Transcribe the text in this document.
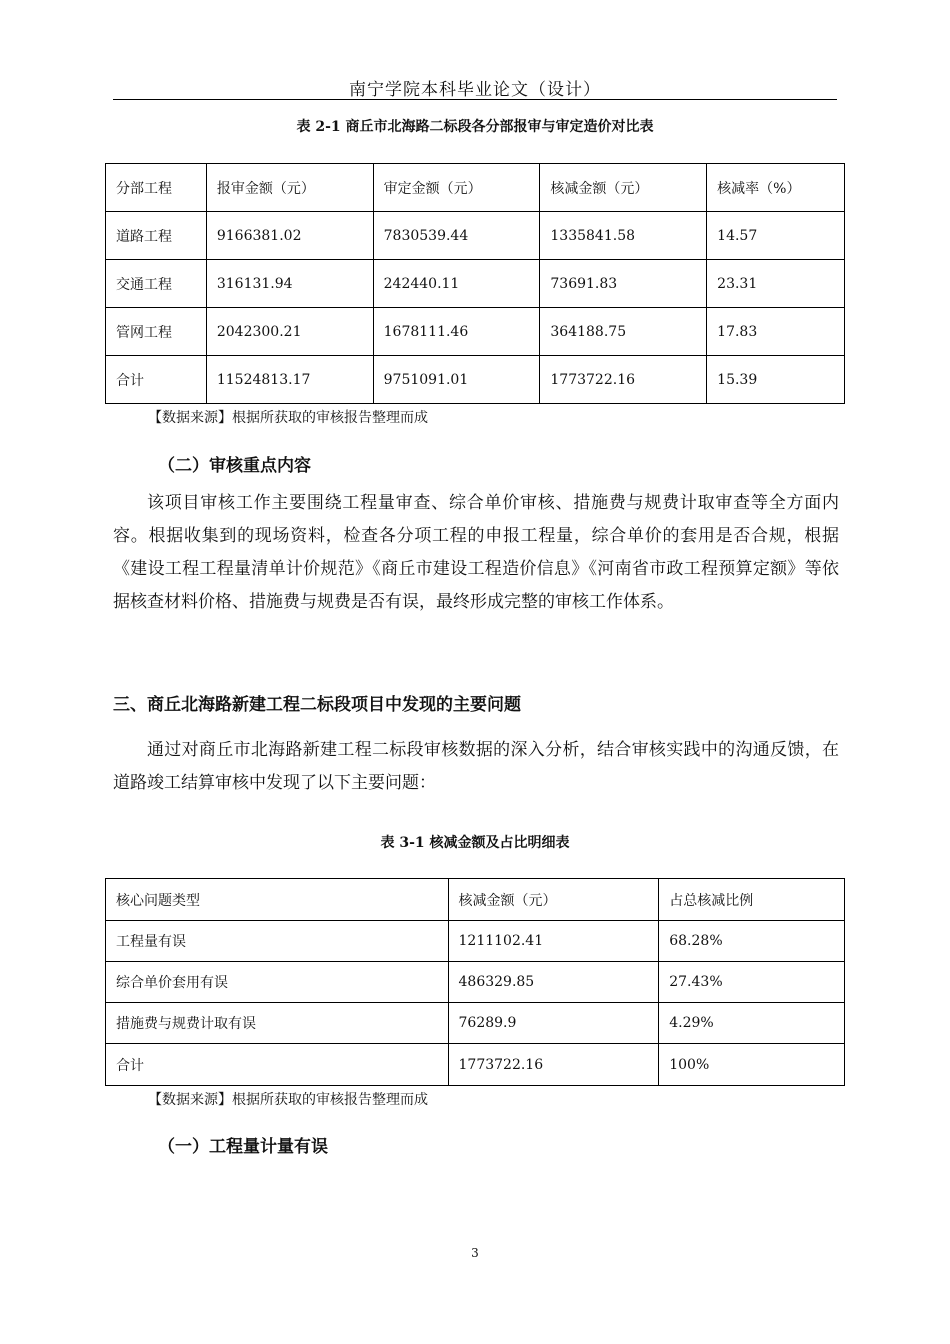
南宁学院本科毕业论文（设计）
表 2-1 商丘市北海路二标段各分部报审与审定造价对比表
分部工程	报审金额（元）	审定金额（元）	核减金额（元）	核减率（%）
道路工程	9166381.02	7830539.44	1335841.58	14.57
交通工程	316131.94	242440.11	73691.83	23.31
管网工程	2042300.21	1678111.46	364188.75	17.83
合计	11524813.17	9751091.01	1773722.16	15.39
【数据来源】根据所获取的审核报告整理而成
（二）审核重点内容

该项目审核工作主要围绕工程量审查、综合单价审核、措施费与规费计取审查等全方面内容。根据收集到的现场资料，检查各分项工程的申报工程量，综合单价的套用是否合规，根据《建设工程工程量清单计价规范》《商丘市建设工程造价信息》《河南省市政工程预算定额》等依据核查材料价格、措施费与规费是否有误，最终形成完整的审核工作体系。

三、商丘北海路新建工程二标段项目中发现的主要问题

通过对商丘市北海路新建工程二标段审核数据的深入分析，结合审核实践中的沟通反馈，在道路竣工结算审核中发现了以下主要问题：

表 3-1 核减金额及占比明细表
核心问题类型	核减金额（元）	占总核减比例
工程量有误	1211102.41	68.28%
综合单价套用有误	486329.85	27.43%
措施费与规费计取有误	76289.9	4.29%
合计	1773722.16	100%
【数据来源】根据所获取的审核报告整理而成
（一）工程量计量有误
3
